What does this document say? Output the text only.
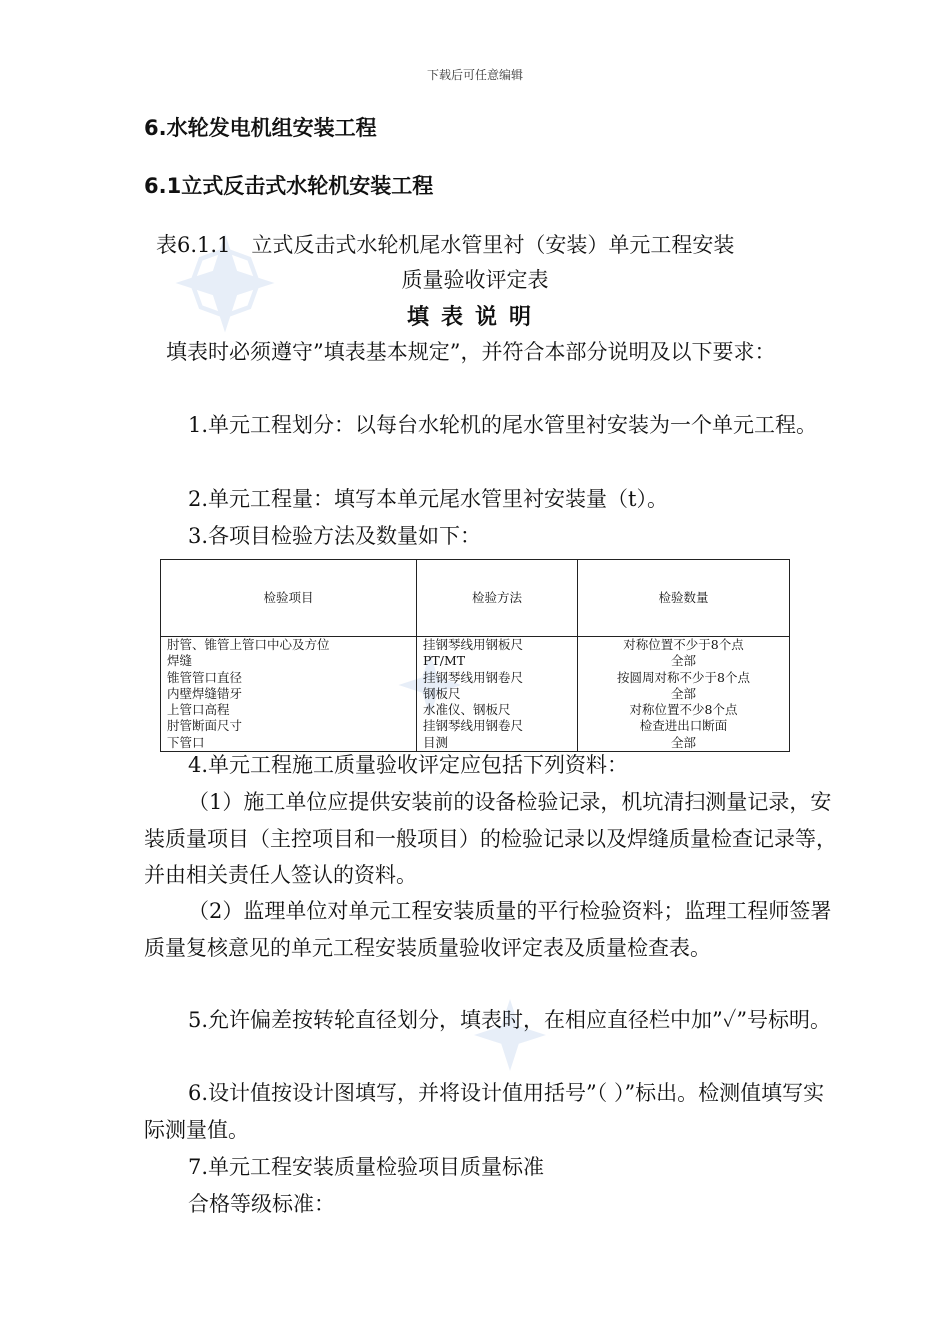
下载后可任意编辑
6.水轮发电机组安装工程
6.1立式反击式水轮机安装工程
表6.1.1　立式反击式水轮机尾水管里衬（安装）单元工程安装
质量验收评定表
填表说明

填表时必须遵守”填表基本规定”，并符合本部分说明及以下要求：

1.单元工程划分：以每台水轮机的尾水管里衬安装为一个单元工程。

2.单元工程量：填写本单元尾水管里衬安装量（t）。

3.各项目检验方法及数量如下：

检验项目	检验方法	检验数量
肘管、锥管上管口中心及方位	挂钢琴线用钢板尺	对称位置不少于8个点
焊缝	PT/MT	全部
锥管管口直径	挂钢琴线用钢卷尺	按圆周对称不少于8个点
内壁焊缝错牙	钢板尺	全部
上管口高程	水准仪、钢板尺	对称位置不少8个点
肘管断面尺寸	挂钢琴线用钢卷尺	检查进出口断面
下管口	目测	全部

4.单元工程施工质量验收评定应包括下列资料：

（1）施工单位应提供安装前的设备检验记录，机坑清扫测量记录，安装质量项目（主控项目和一般项目）的检验记录以及焊缝质量检查记录等，并由相关责任人签认的资料。

（2）监理单位对单元工程安装质量的平行检验资料；监理工程师签署质量复核意见的单元工程安装质量验收评定表及质量检查表。

5.允许偏差按转轮直径划分，填表时，在相应直径栏中加”✓”号标明。

6.设计值按设计图填写，并将设计值用括号”（ ）”标出。检测值填写实际测量值。

7.单元工程安装质量检验项目质量标准

合格等级标准：
